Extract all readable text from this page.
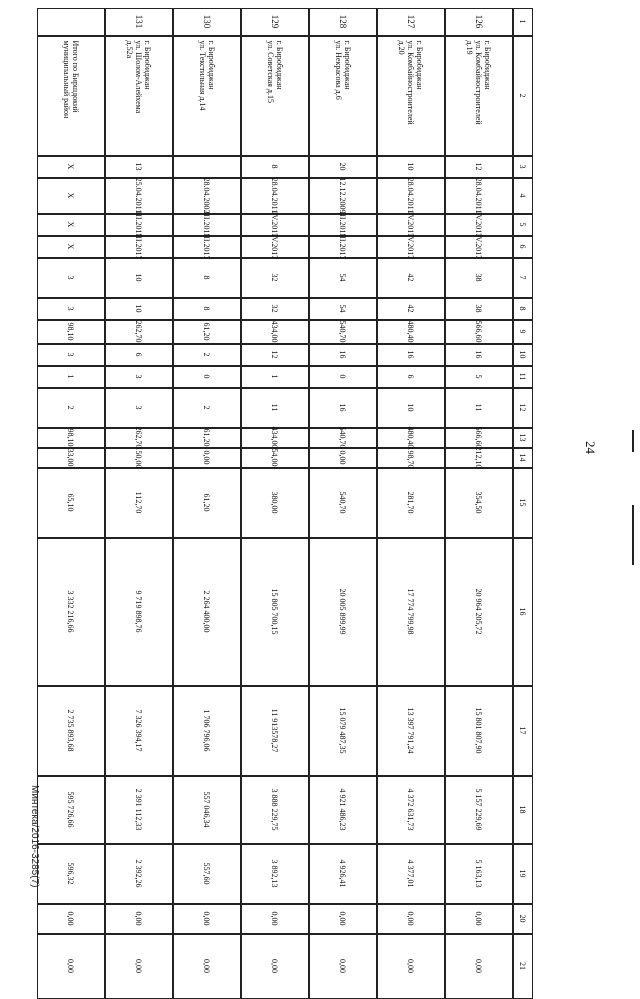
1
2
3
4
5
6
7
8
9
10
11
12
13
14
15
16
17
18
19
20
21
126
г. Биробиджан
ул. Комбайностроителей
д.19
12
28.04.2011
IV.2017
IV.2017
38
38
566,60
16
5
11
566,60
212,10
354,50
20 964 205,72
15 801 807,90
5 157 229,69
5 163,13
0,00
0,00
127
г. Биробиджан
ул. Комбайностроителей
д.20
10
28.04.2011
IV.2017
IV.2017
42
42
480,40
16
6
10
480,40
198,70
281,70
17 774 799,98
13 397 791,24
4 372 631,73
4 377,01
0,00
0,00
128
г. Биробиджан
ул. Некрасова д.6
20
12.12.2009
III.2017
III.2017
54
54
540,70
16
0
16
540,70
0,00
540,70
20 005 899,99
15 079 487,35
4 921 486,23
4 926,41
0,00
0,00
129
г. Биробиджан
ул. Советская д.15
8
28.04.2011
IV.2017
IV.2017
32
32
434,00
12
1
11
434,00
54,00
380,00
15 805 700,15
11 913578,27
3 888 229,75
3 892,13
0,00
0,00
130
г. Биробиджан
ул. Текстильная д.14
28.04.2002
III.2017
III.2017
8
8
61,20
2
0
2
61,20
0,00
61,20
2 264 400,00
1 706 796,06
557 046,34
557,60
0,00
0,00
131
г. Биробиджан
ул. Шолом-Алейхема
д.52а
13
25.04.2011
III.2017
III.2017
10
10
262,70
6
3
3
262,70
150,00
112,70
9 719 898,76
7 326 394,17
2 391 112,33
2 392,26
0,00
0,00
Итого по Биршдокий
муниципальный район
X
X
X
X
3
3
98,10
3
1
2
98,10
33,00
65,10
3 332 216,66
2 735 893,68
595 726,66
596,32
0,00
0,00
24
Минтека/2016-3285(7)
